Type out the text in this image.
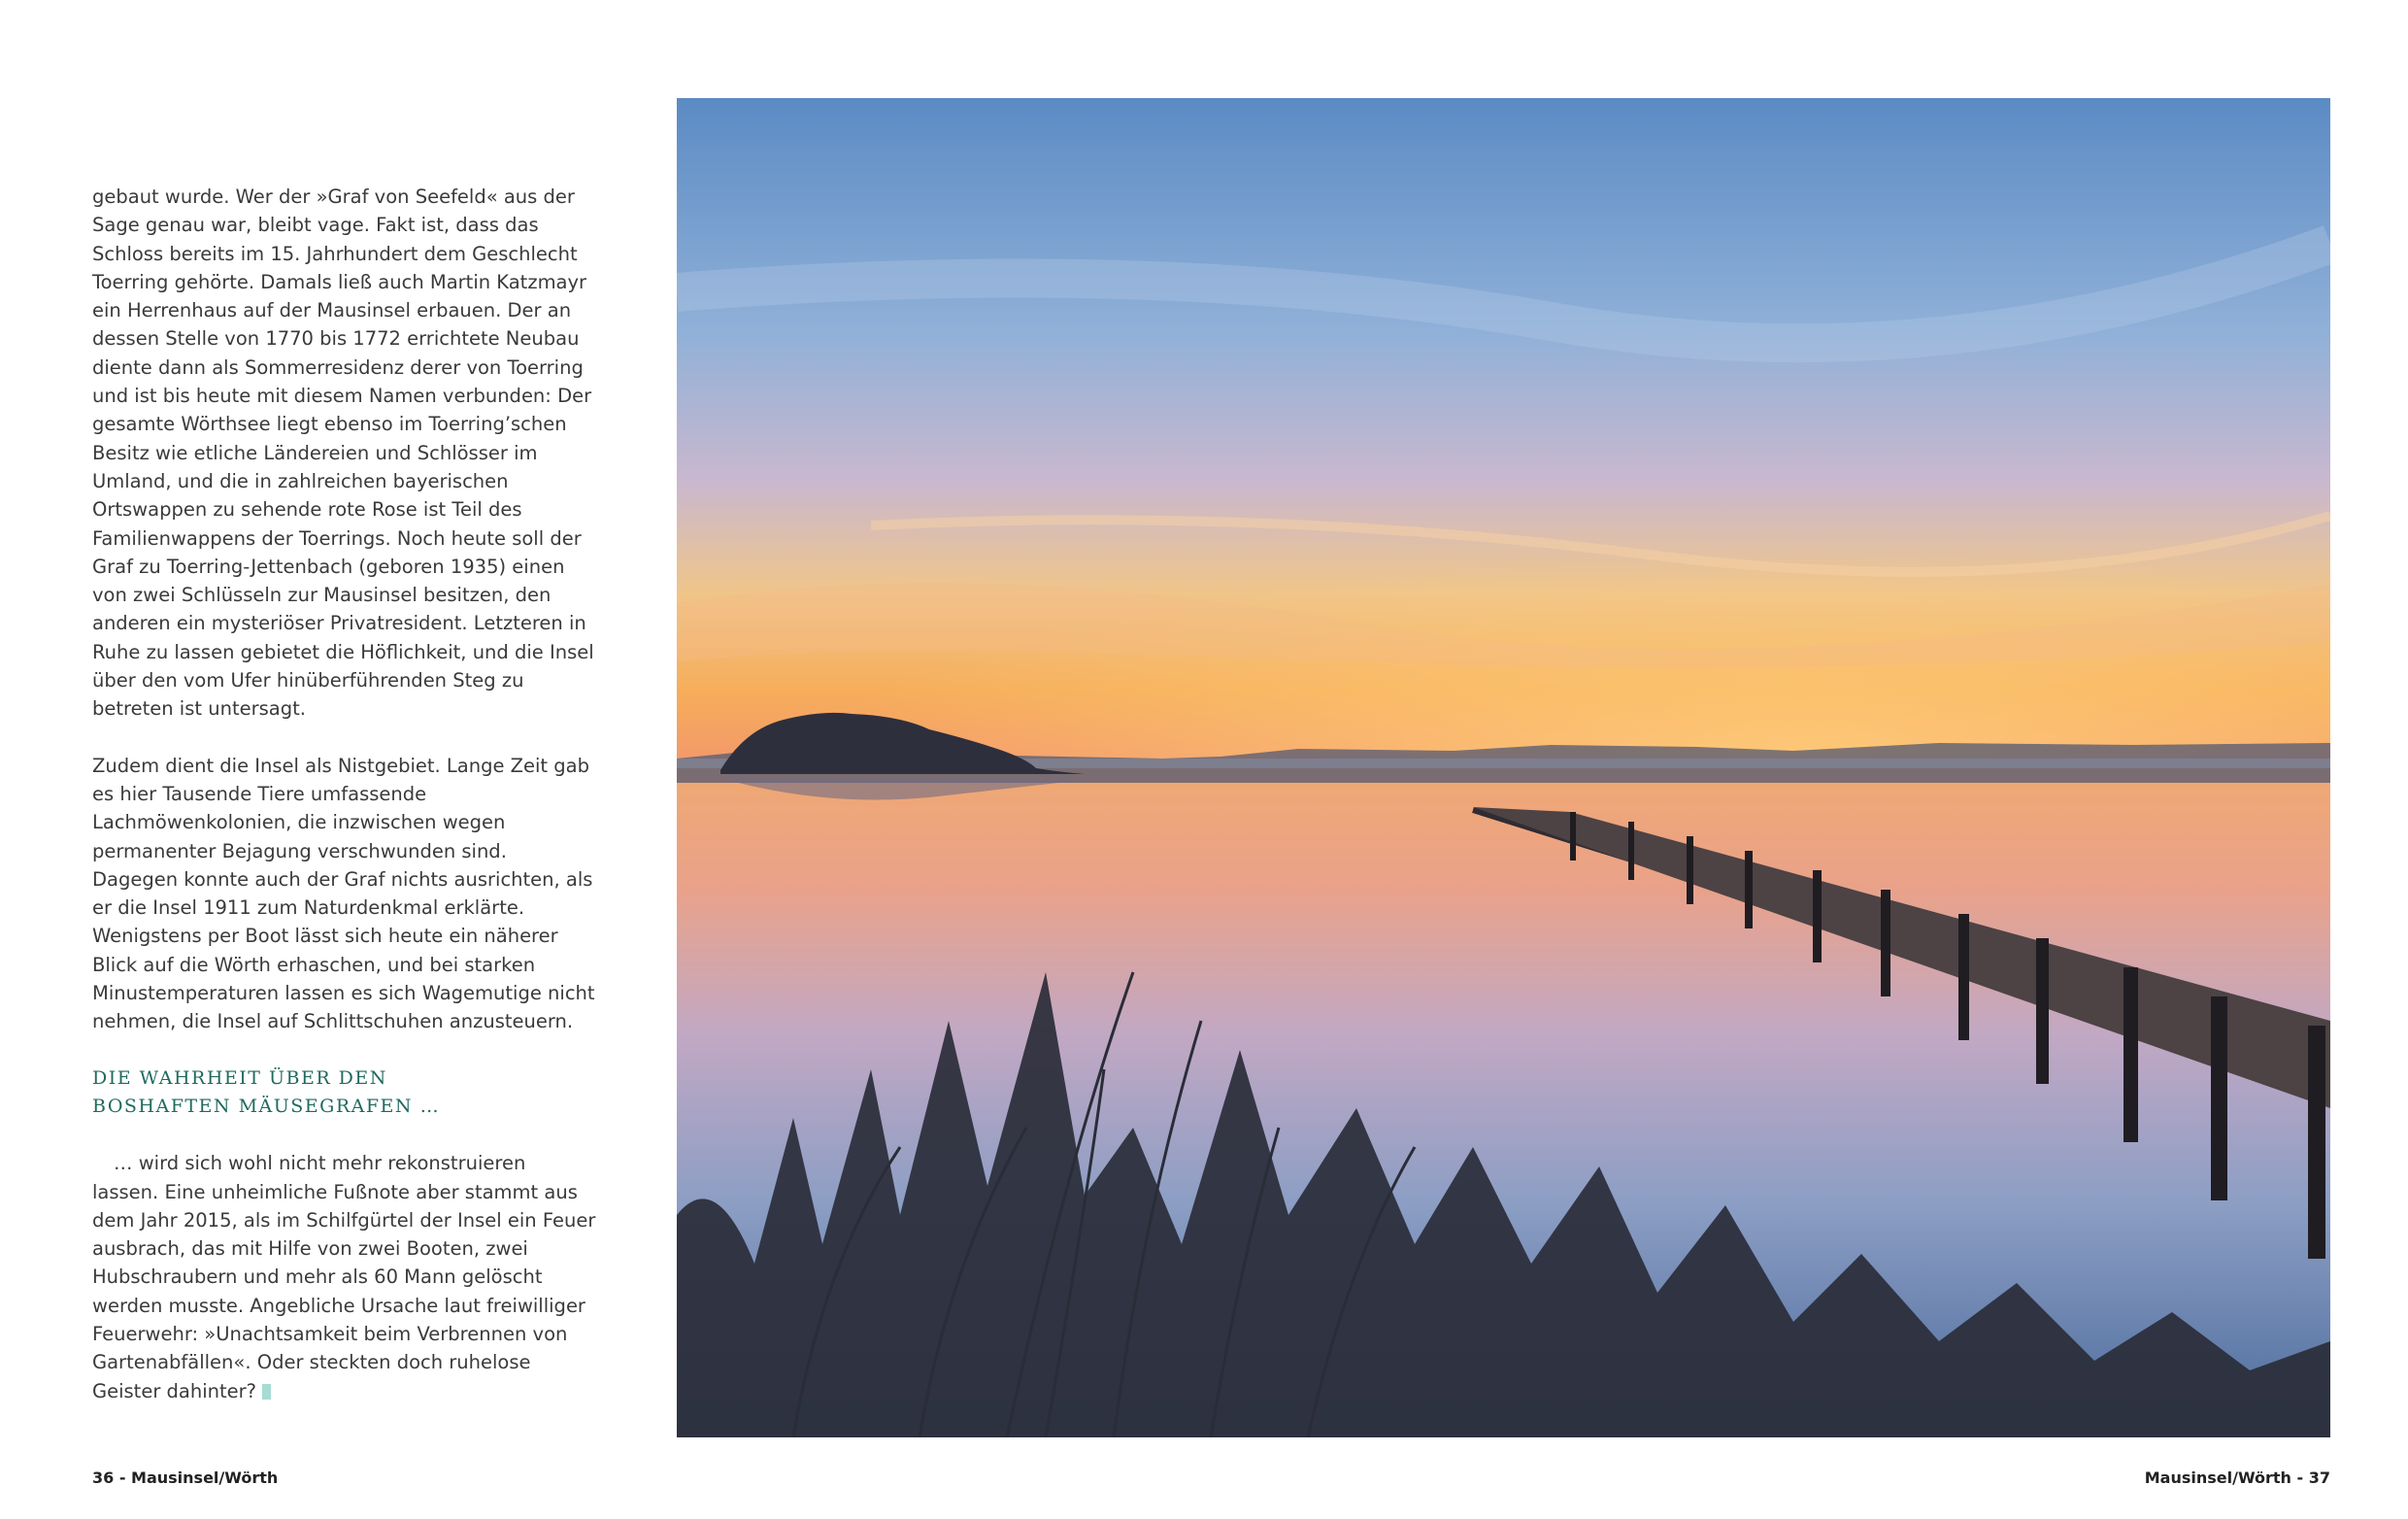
gebaut wurde. Wer der »Graf von Seefeld« aus der Sage genau war, bleibt vage. Fakt ist, dass das Schloss bereits im 15. Jahrhundert dem Geschlecht Toerring gehörte. Damals ließ auch Martin Katzmayr ein Herrenhaus auf der Mausinsel erbauen. Der an dessen Stelle von 1770 bis 1772 errichtete Neubau diente dann als Sommerresidenz derer von Toerring und ist bis heute mit diesem Namen verbunden: Der gesamte Wörthsee liegt ebenso im Toerring’schen Besitz wie etliche Ländereien und Schlösser im Umland, und die in zahlreichen bayerischen Ortswappen zu sehende rote Rose ist Teil des Familienwappens der Toerrings. Noch heute soll der Graf zu Toerring-Jettenbach (geboren 1935) einen von zwei Schlüsseln zur Mausinsel besitzen, den anderen ein mysteriöser Privatresident. Letzteren in Ruhe zu lassen gebietet die Höflichkeit, und die Insel über den vom Ufer hinüberführenden Steg zu betreten ist untersagt.

Zudem dient die Insel als Nistgebiet. Lange Zeit gab es hier Tausende Tiere umfassende Lachmöwenkolonien, die inzwischen wegen permanenter Bejagung verschwunden sind. Dagegen konnte auch der Graf nichts ausrichten, als er die Insel 1911 zum Naturdenkmal erklärte. Wenigstens per Boot lässt sich heute ein näherer Blick auf die Wörth erhaschen, und bei starken Minustemperaturen lassen es sich Wagemutige nicht nehmen, die Insel auf Schlittschuhen anzusteuern.

DIE WAHRHEIT ÜBER DEN
BOSHAFTEN MÄUSEGRAFEN …

… wird sich wohl nicht mehr rekonstruieren lassen. Eine unheimliche Fußnote aber stammt aus dem Jahr 2015, als im Schilfgürtel der Insel ein Feuer ausbrach, das mit Hilfe von zwei Booten, zwei Hubschraubern und mehr als 60 Mann gelöscht werden musste. Angebliche Ursache laut freiwilliger Feuerwehr: »Unachtsamkeit beim Verbrennen von Gartenabfällen«. Oder steckten doch ruhelose Geister dahinter?

36 - Mausinsel/Wörth	Mausinsel/Wörth - 37
